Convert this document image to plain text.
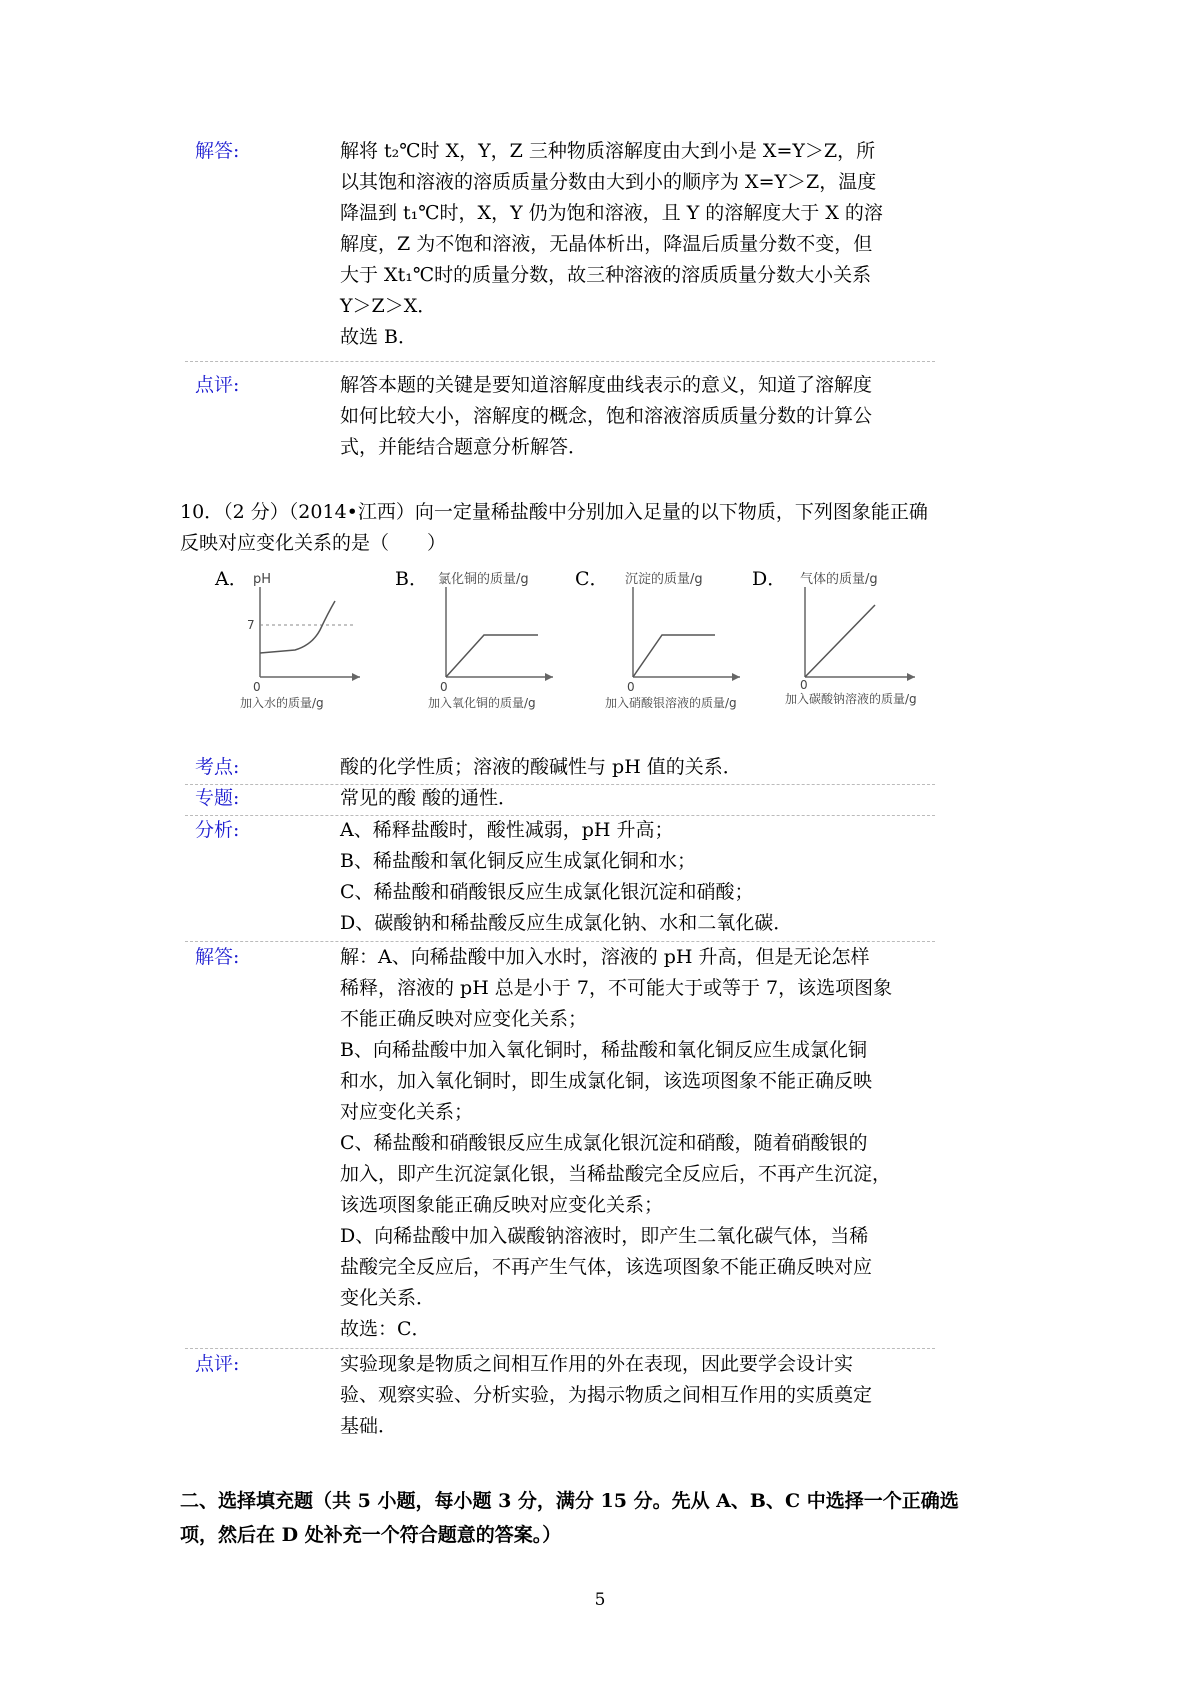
解答:	解将 t₂℃时 X，Y，Z 三种物质溶解度由大到小是 X=Y＞Z，所

以其饱和溶液的溶质质量分数由大到小的顺序为 X=Y＞Z，温度

降温到 t₁℃时，X，Y 仍为饱和溶液，且 Y 的溶解度大于 X 的溶

解度，Z 为不饱和溶液，无晶体析出，降温后质量分数不变，但

大于 Xt₁℃时的质量分数，故三种溶液的溶质质量分数大小关系

Y＞Z＞X．

故选 B．

点评:	解答本题的关键是要知道溶解度曲线表示的意义，知道了溶解度

如何比较大小，溶解度的概念，饱和溶液溶质质量分数的计算公

式，并能结合题意分析解答．

10．（2 分）（2014•江西）向一定量稀盐酸中分别加入足量的以下物质，下列图象能正确

反映对应变化关系的是（　　）

A．	B．	C．	D．
pH
7
0
加入水的质量/g
氯化铜的质量/g
0
加入氧化铜的质量/g
沉淀的质量/g
0
加入硝酸银溶液的质量/g
气体的质量/g
0
加入碳酸钠溶液的质量/g
考点:	酸的化学性质；溶液的酸碱性与 pH 值的关系．

专题:	常见的酸 酸的通性．

分析:	A、稀释盐酸时，酸性减弱，pH 升高；

B、稀盐酸和氧化铜反应生成氯化铜和水；

C、稀盐酸和硝酸银反应生成氯化银沉淀和硝酸；

D、碳酸钠和稀盐酸反应生成氯化钠、水和二氧化碳．

解答:	解：A、向稀盐酸中加入水时，溶液的 pH 升高，但是无论怎样

稀释，溶液的 pH 总是小于 7，不可能大于或等于 7，该选项图象

不能正确反映对应变化关系；

B、向稀盐酸中加入氧化铜时，稀盐酸和氧化铜反应生成氯化铜

和水，加入氧化铜时，即生成氯化铜，该选项图象不能正确反映

对应变化关系；

C、稀盐酸和硝酸银反应生成氯化银沉淀和硝酸，随着硝酸银的

加入，即产生沉淀氯化银，当稀盐酸完全反应后，不再产生沉淀，

该选项图象能正确反映对应变化关系；

D、向稀盐酸中加入碳酸钠溶液时，即产生二氧化碳气体，当稀

盐酸完全反应后，不再产生气体，该选项图象不能正确反映对应

变化关系．

故选：C．

点评:	实验现象是物质之间相互作用的外在表现，因此要学会设计实

验、观察实验、分析实验，为揭示物质之间相互作用的实质奠定

基础．

二、选择填充题（共 5 小题，每小题 3 分，满分 15 分。先从 A、B、C 中选择一个正确选

项，然后在 D 处补充一个符合题意的答案。）

5
